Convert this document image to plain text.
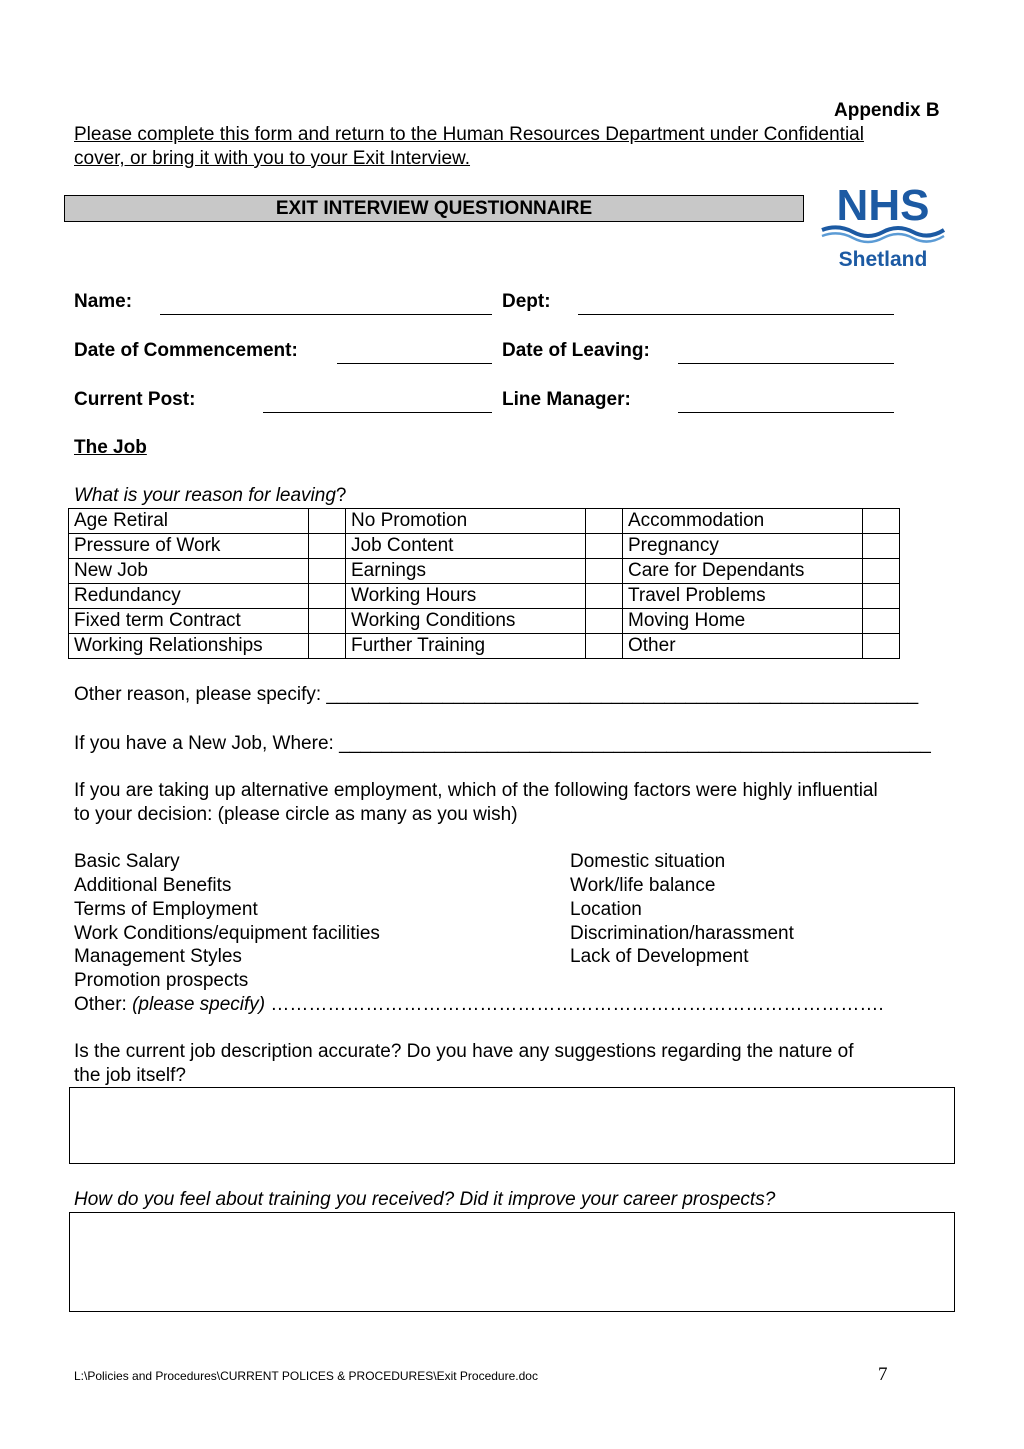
Appendix B
Please complete this form and return to the Human Resources Department under Confidential
cover, or bring it with you to your Exit Interview.
EXIT INTERVIEW QUESTIONNAIRE	NHS
Shetland
Name:	Dept:
Date of Commencement:	Date of Leaving:
Current Post:	Line Manager:
The Job
What is your reason for leaving?
Age Retiral		No Promotion		Accommodation	
Pressure of Work		Job Content		Pregnancy	
New Job		Earnings		Care for Dependants	
Redundancy		Working Hours		Travel Problems	
Fixed term Contract		Working Conditions		Moving Home	
Working Relationships		Further Training		Other	
Other reason, please specify: ________________________________________________________
If you have a New Job, Where: ________________________________________________________
If you are taking up alternative employment, which of the following factors were highly influential
to your decision: (please circle as many as you wish)
Basic Salary
Additional Benefits
Terms of Employment
Work Conditions/equipment facilities
Management Styles
Promotion prospects
Domestic situation
Work/life balance
Location
Discrimination/harassment
Lack of Development
Other: (please specify) …………………………………………………………………………………….
Is the current job description accurate? Do you have any suggestions regarding the nature of
the job itself?
How do you feel about training you received? Did it improve your career prospects?
L:\Policies and Procedures\CURRENT POLICES & PROCEDURES\Exit Procedure.doc	7
